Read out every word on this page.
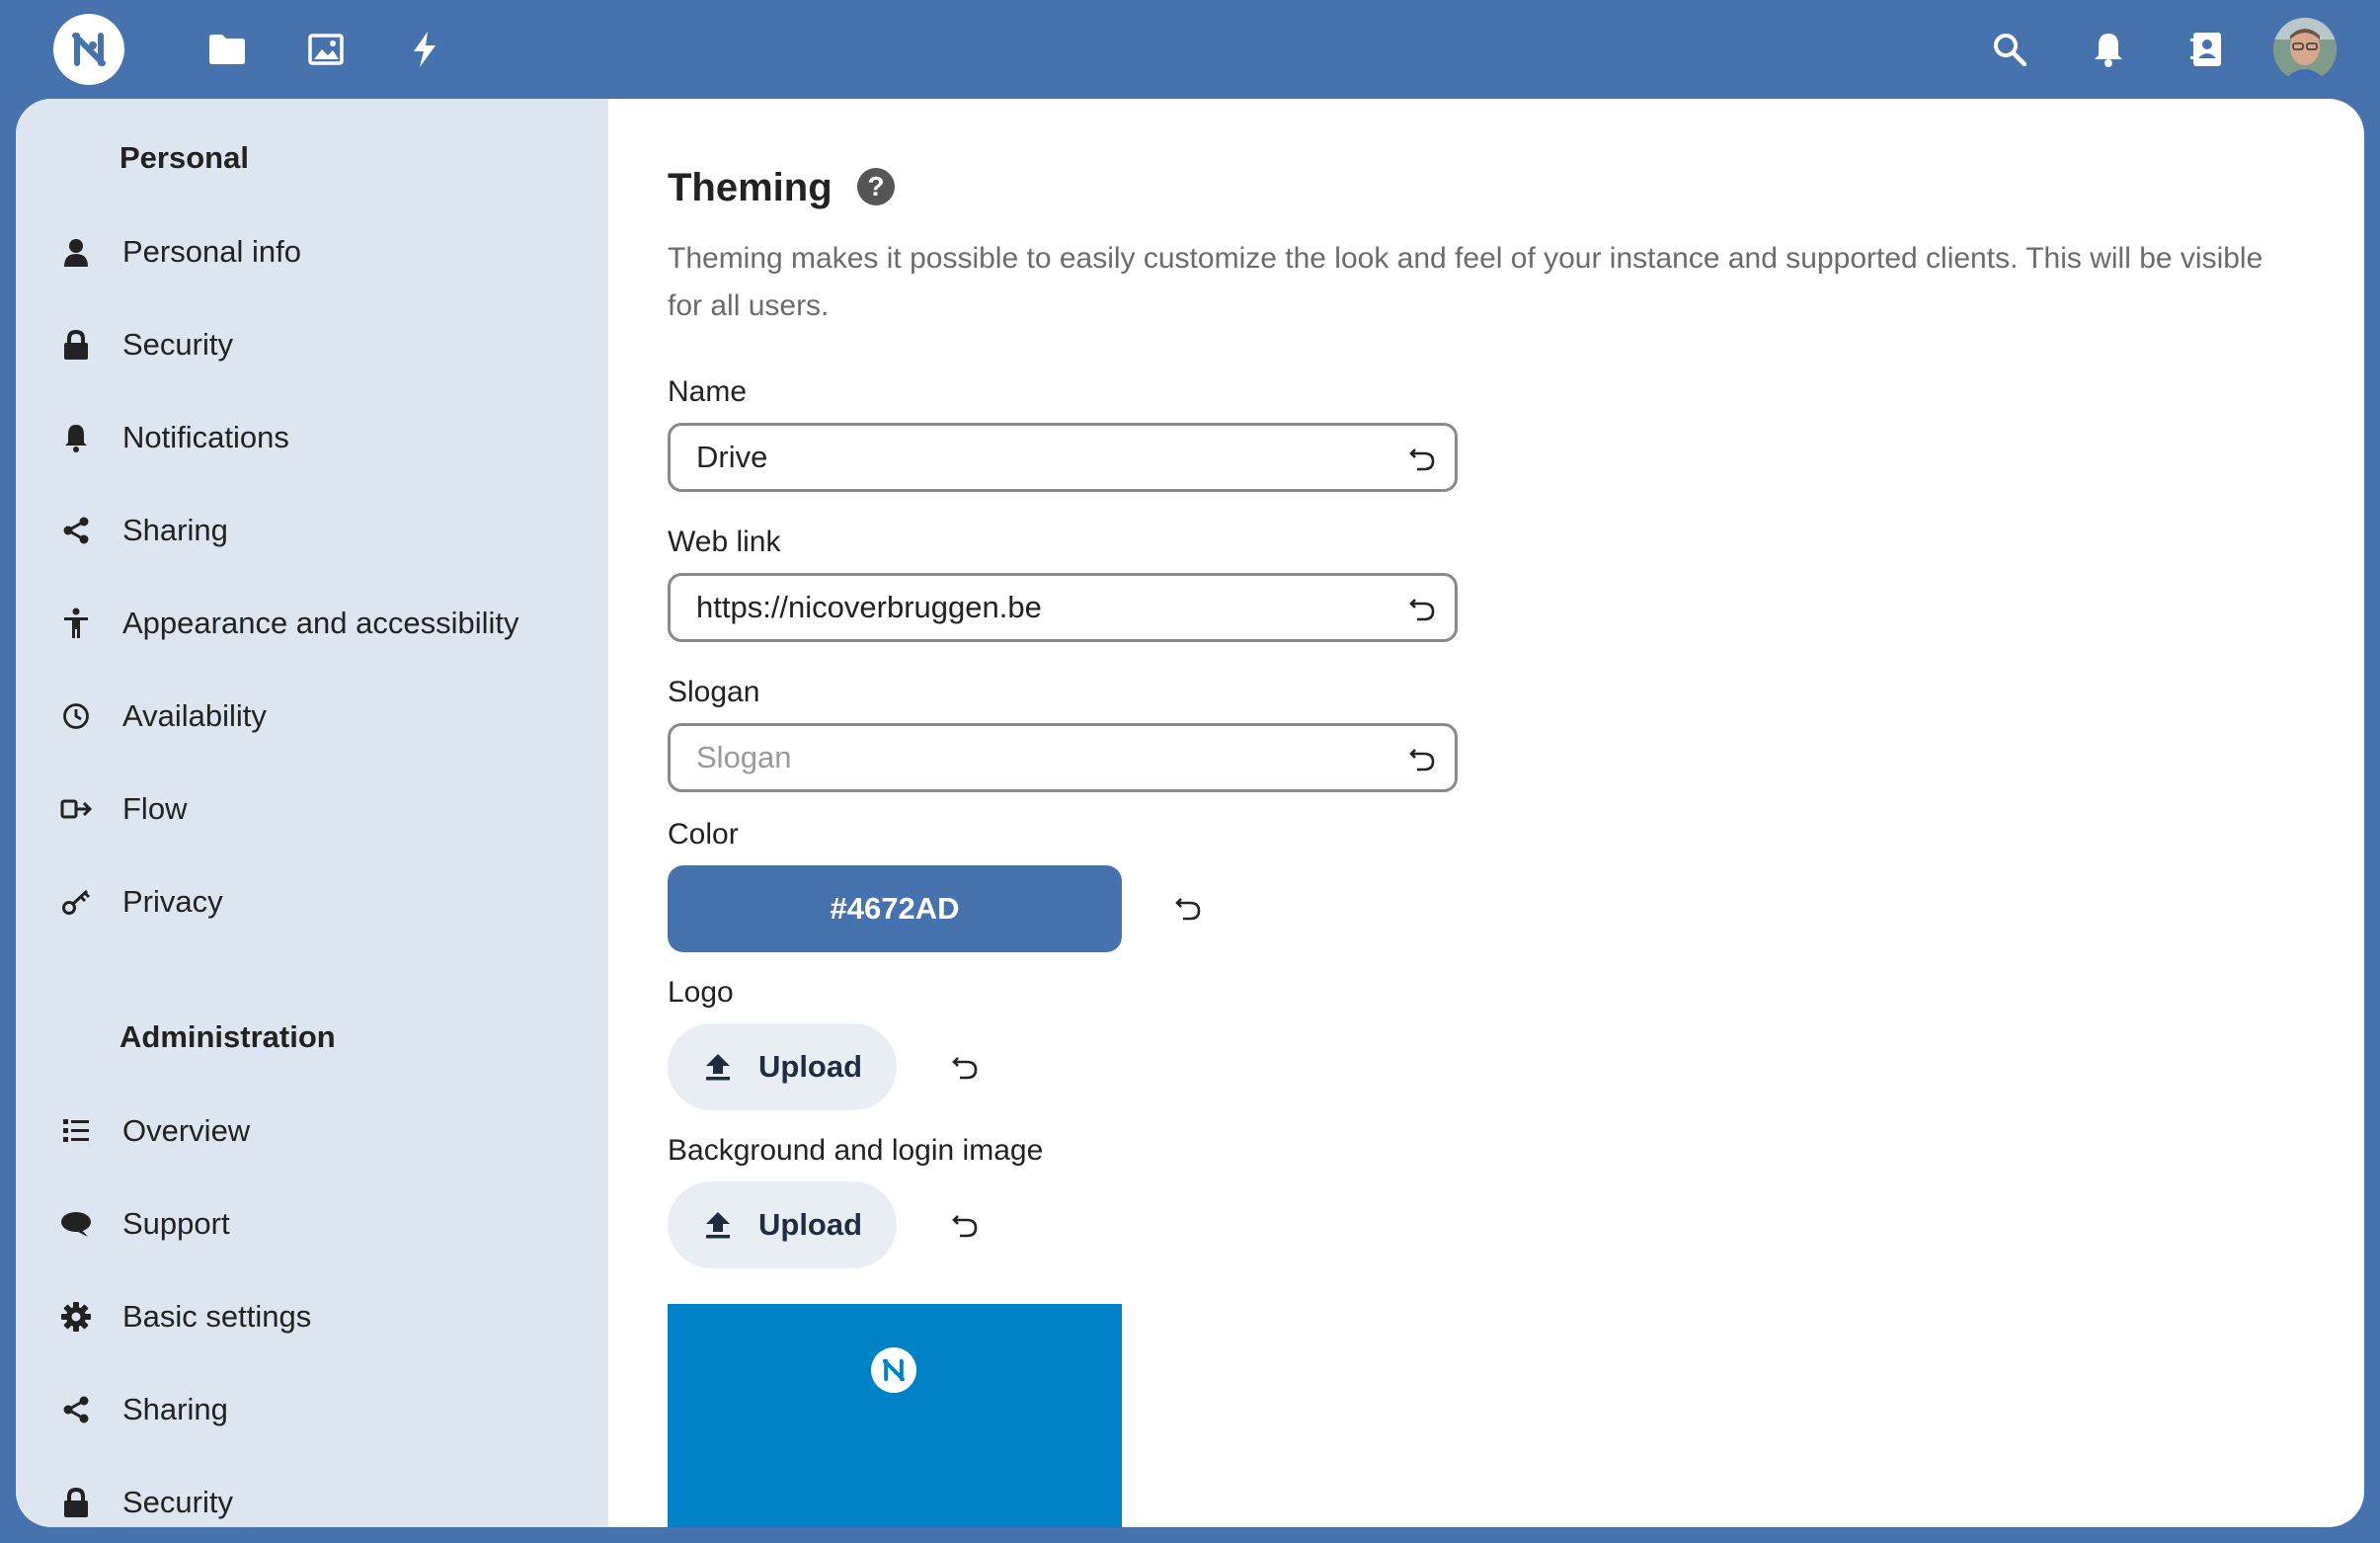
Personal
Personal info
Security
Notifications
Sharing
Appearance and accessibility
Availability
Flow
Privacy
Administration
Overview
Support
Basic settings
Sharing
Security
Theming	?
Theming makes it possible to easily customize the look and feel of your instance and supported clients. This will be visible for all users.
Name
Drive
Web link
https://nicoverbruggen.be
Slogan
Slogan
Color
#4672AD
Logo
Upload
Background and login image
Upload
